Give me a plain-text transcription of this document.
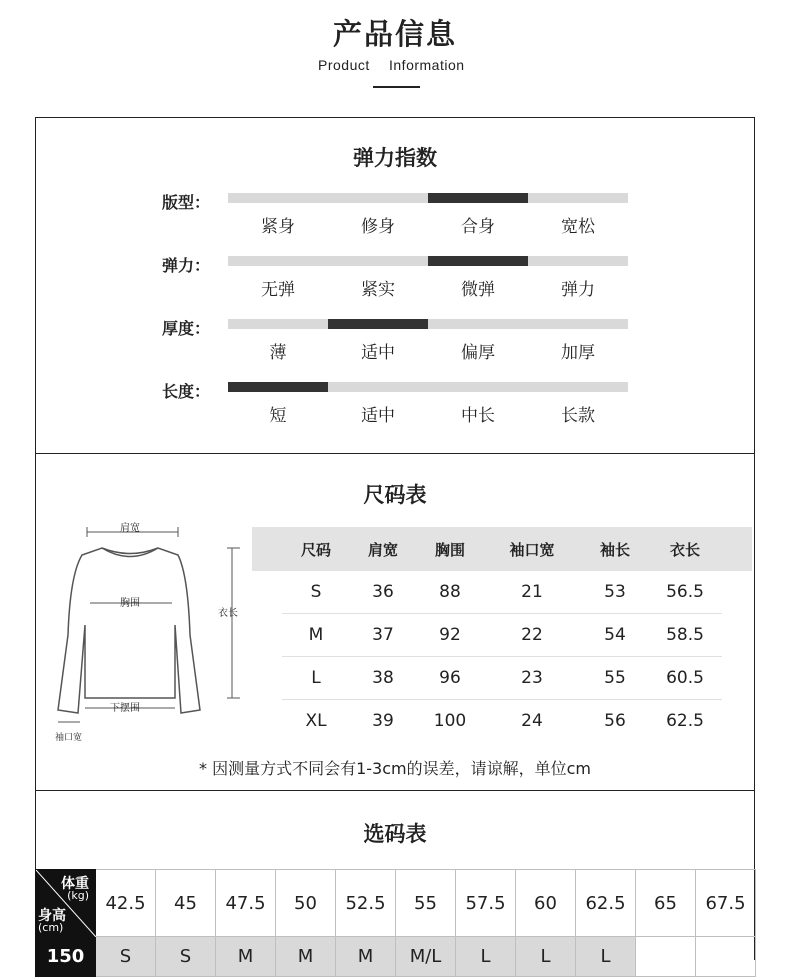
产品信息
Product Information
弹力指数
版型：
紧身	修身	合身	宽松
弹力：
无弹	紧实	微弹	弹力
厚度：
薄	适中	偏厚	加厚
长度：
短	适中	中长	长款
尺码表
肩宽
胸围
衣长
下摆围
袖口宽
尺码	肩宽	胸围	袖口宽	袖长	衣长
S	36	88	21	53	56.5
M	37	92	22	54	58.5
L	38	96	23	55	60.5
XL	39	100	24	56	62.5
* 因测量方式不同会有1-3cm的误差，请谅解，单位cm
选码表
体重
(kg)
身高
(cm)	42.5	45	47.5	50	52.5	55	57.5	60	62.5	65	67.5
150	S	S	M	M	M	M/L	L	L	L		
